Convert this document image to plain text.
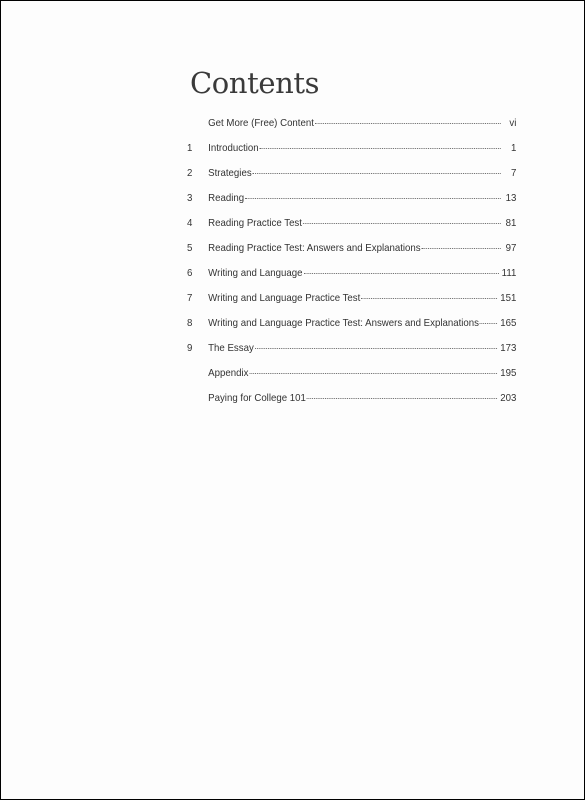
Contents
Get More (Free) Content	vi
1	Introduction	1
2	Strategies	7
3	Reading	13
4	Reading Practice Test	81
5	Reading Practice Test: Answers and Explanations	97
6	Writing and Language	111
7	Writing and Language Practice Test	151
8	Writing and Language Practice Test: Answers and Explanations 165
9	The Essay	173
Appendix	195
Paying for College 101	203
